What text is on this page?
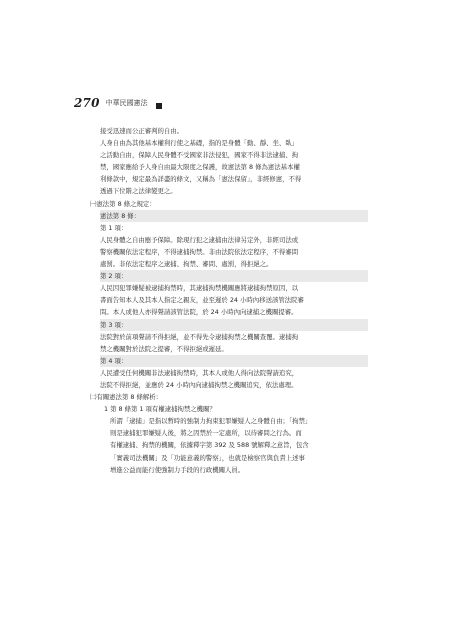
270 中華民國憲法
接受迅速而公正審判的自由。
人身自由為其他基本權利行使之基礎，指的是身體「動、靜、坐、臥」
之活動自由，保障人民身體不受國家非法侵犯，國家不得非法逮捕、拘
禁，國家應給予人身自由最大限度之保護，故憲法第 8 條為憲法基本權
利條款中，規定最為詳盡的條文，又稱為「憲法保留」，非經修憲，不得
透過下位階之法律變更之。
㈠憲法第 8 條之規定：
憲法第 8 條：
第 1 項：
人民身體之自由應予保障。除現行犯之逮捕由法律另定外，非經司法或
警察機關依法定程序，不得逮捕拘禁。非由法院依法定程序，不得審問
處罰。非依法定程序之逮捕、拘禁、審問、處罰，得拒絕之。
第 2 項：
人民因犯罪嫌疑被逮捕拘禁時，其逮捕拘禁機關應將逮捕拘禁原因，以
書面告知本人及其本人指定之親友，並至遲於 24 小時內移送該管法院審
問。本人或他人亦得聲請該管法院，於 24 小時內向逮捕之機關提審。
第 3 項：
法院對於前項聲請不得拒絕，並不得先令逮捕拘禁之機關查覆。逮捕拘
禁之機關對於法院之提審，不得拒絕或遲延。
第 4 項：
人民遭受任何機關非法逮捕拘禁時，其本人或他人得向法院聲請追究，
法院不得拒絕，並應於 24 小時內向逮捕拘禁之機關追究，依法處理。
㈡有關憲法第 8 條解析：
1 第 8 條第 1 項有權逮捕拘禁之機關？
所謂「逮捕」是指以暫時的強制力拘束犯罪嫌疑人之身體自由；「拘禁」
則是逮捕犯罪嫌疑人後，將之因禁於一定處所，以待審問之行為。而
有權逮捕、拘禁的機關，依據釋字第 392 及 588 號解釋之意旨，包含
「實義司法機關」及「功能意義的警察」，也就是檢察官與負責上述事
增進公益而能行使強制力手段的行政機關人員。
